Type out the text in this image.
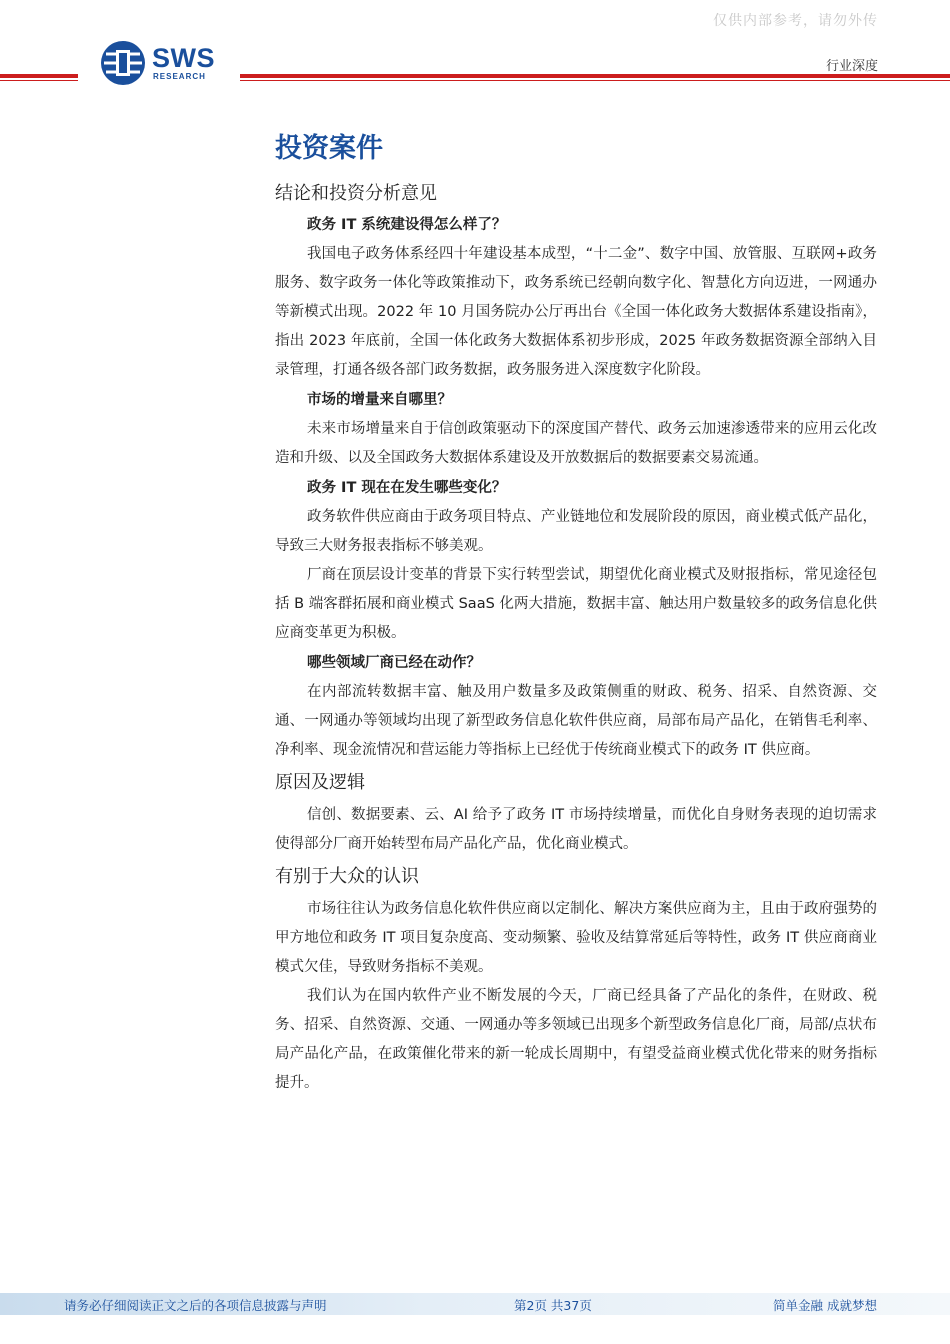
仅供内部参考，请勿外传
SWS
RESEARCH
行业深度
投资案件
结论和投资分析意见
政务 IT 系统建设得怎么样了？

我国电子政务体系经四十年建设基本成型，“十二金”、数字中国、放管服、互联网+政务服务、数字政务一体化等政策推动下，政务系统已经朝向数字化、智慧化方向迈进，一网通办等新模式出现。2022 年 10 月国务院办公厅再出台《全国一体化政务大数据体系建设指南》，指出 2023 年底前，全国一体化政务大数据体系初步形成，2025 年政务数据资源全部纳入目录管理，打通各级各部门政务数据，政务服务进入深度数字化阶段。

市场的增量来自哪里？

未来市场增量来自于信创政策驱动下的深度国产替代、政务云加速渗透带来的应用云化改造和升级、以及全国政务大数据体系建设及开放数据后的数据要素交易流通。

政务 IT 现在在发生哪些变化？

政务软件供应商由于政务项目特点、产业链地位和发展阶段的原因，商业模式低产品化，导致三大财务报表指标不够美观。

厂商在顶层设计变革的背景下实行转型尝试，期望优化商业模式及财报指标，常见途径包括 B 端客群拓展和商业模式 SaaS 化两大措施，数据丰富、触达用户数量较多的政务信息化供应商变革更为积极。

哪些领域厂商已经在动作？

在内部流转数据丰富、触及用户数量多及政策侧重的财政、税务、招采、自然资源、交通、一网通办等领域均出现了新型政务信息化软件供应商，局部布局产品化，在销售毛利率、净利率、现金流情况和营运能力等指标上已经优于传统商业模式下的政务 IT 供应商。

原因及逻辑

信创、数据要素、云、AI 给予了政务 IT 市场持续增量，而优化自身财务表现的迫切需求使得部分厂商开始转型布局产品化产品，优化商业模式。

有别于大众的认识

市场往往认为政务信息化软件供应商以定制化、解决方案供应商为主，且由于政府强势的甲方地位和政务 IT 项目复杂度高、变动频繁、验收及结算常延后等特性，政务 IT 供应商商业模式欠佳，导致财务指标不美观。

我们认为在国内软件产业不断发展的今天，厂商已经具备了产品化的条件，在财政、税务、招采、自然资源、交通、一网通办等多领域已出现多个新型政务信息化厂商，局部/点状布局产品化产品，在政策催化带来的新一轮成长周期中，有望受益商业模式优化带来的财务指标提升。

请务必仔细阅读正文之后的各项信息披露与声明	第2页 共37页	简单金融 成就梦想
